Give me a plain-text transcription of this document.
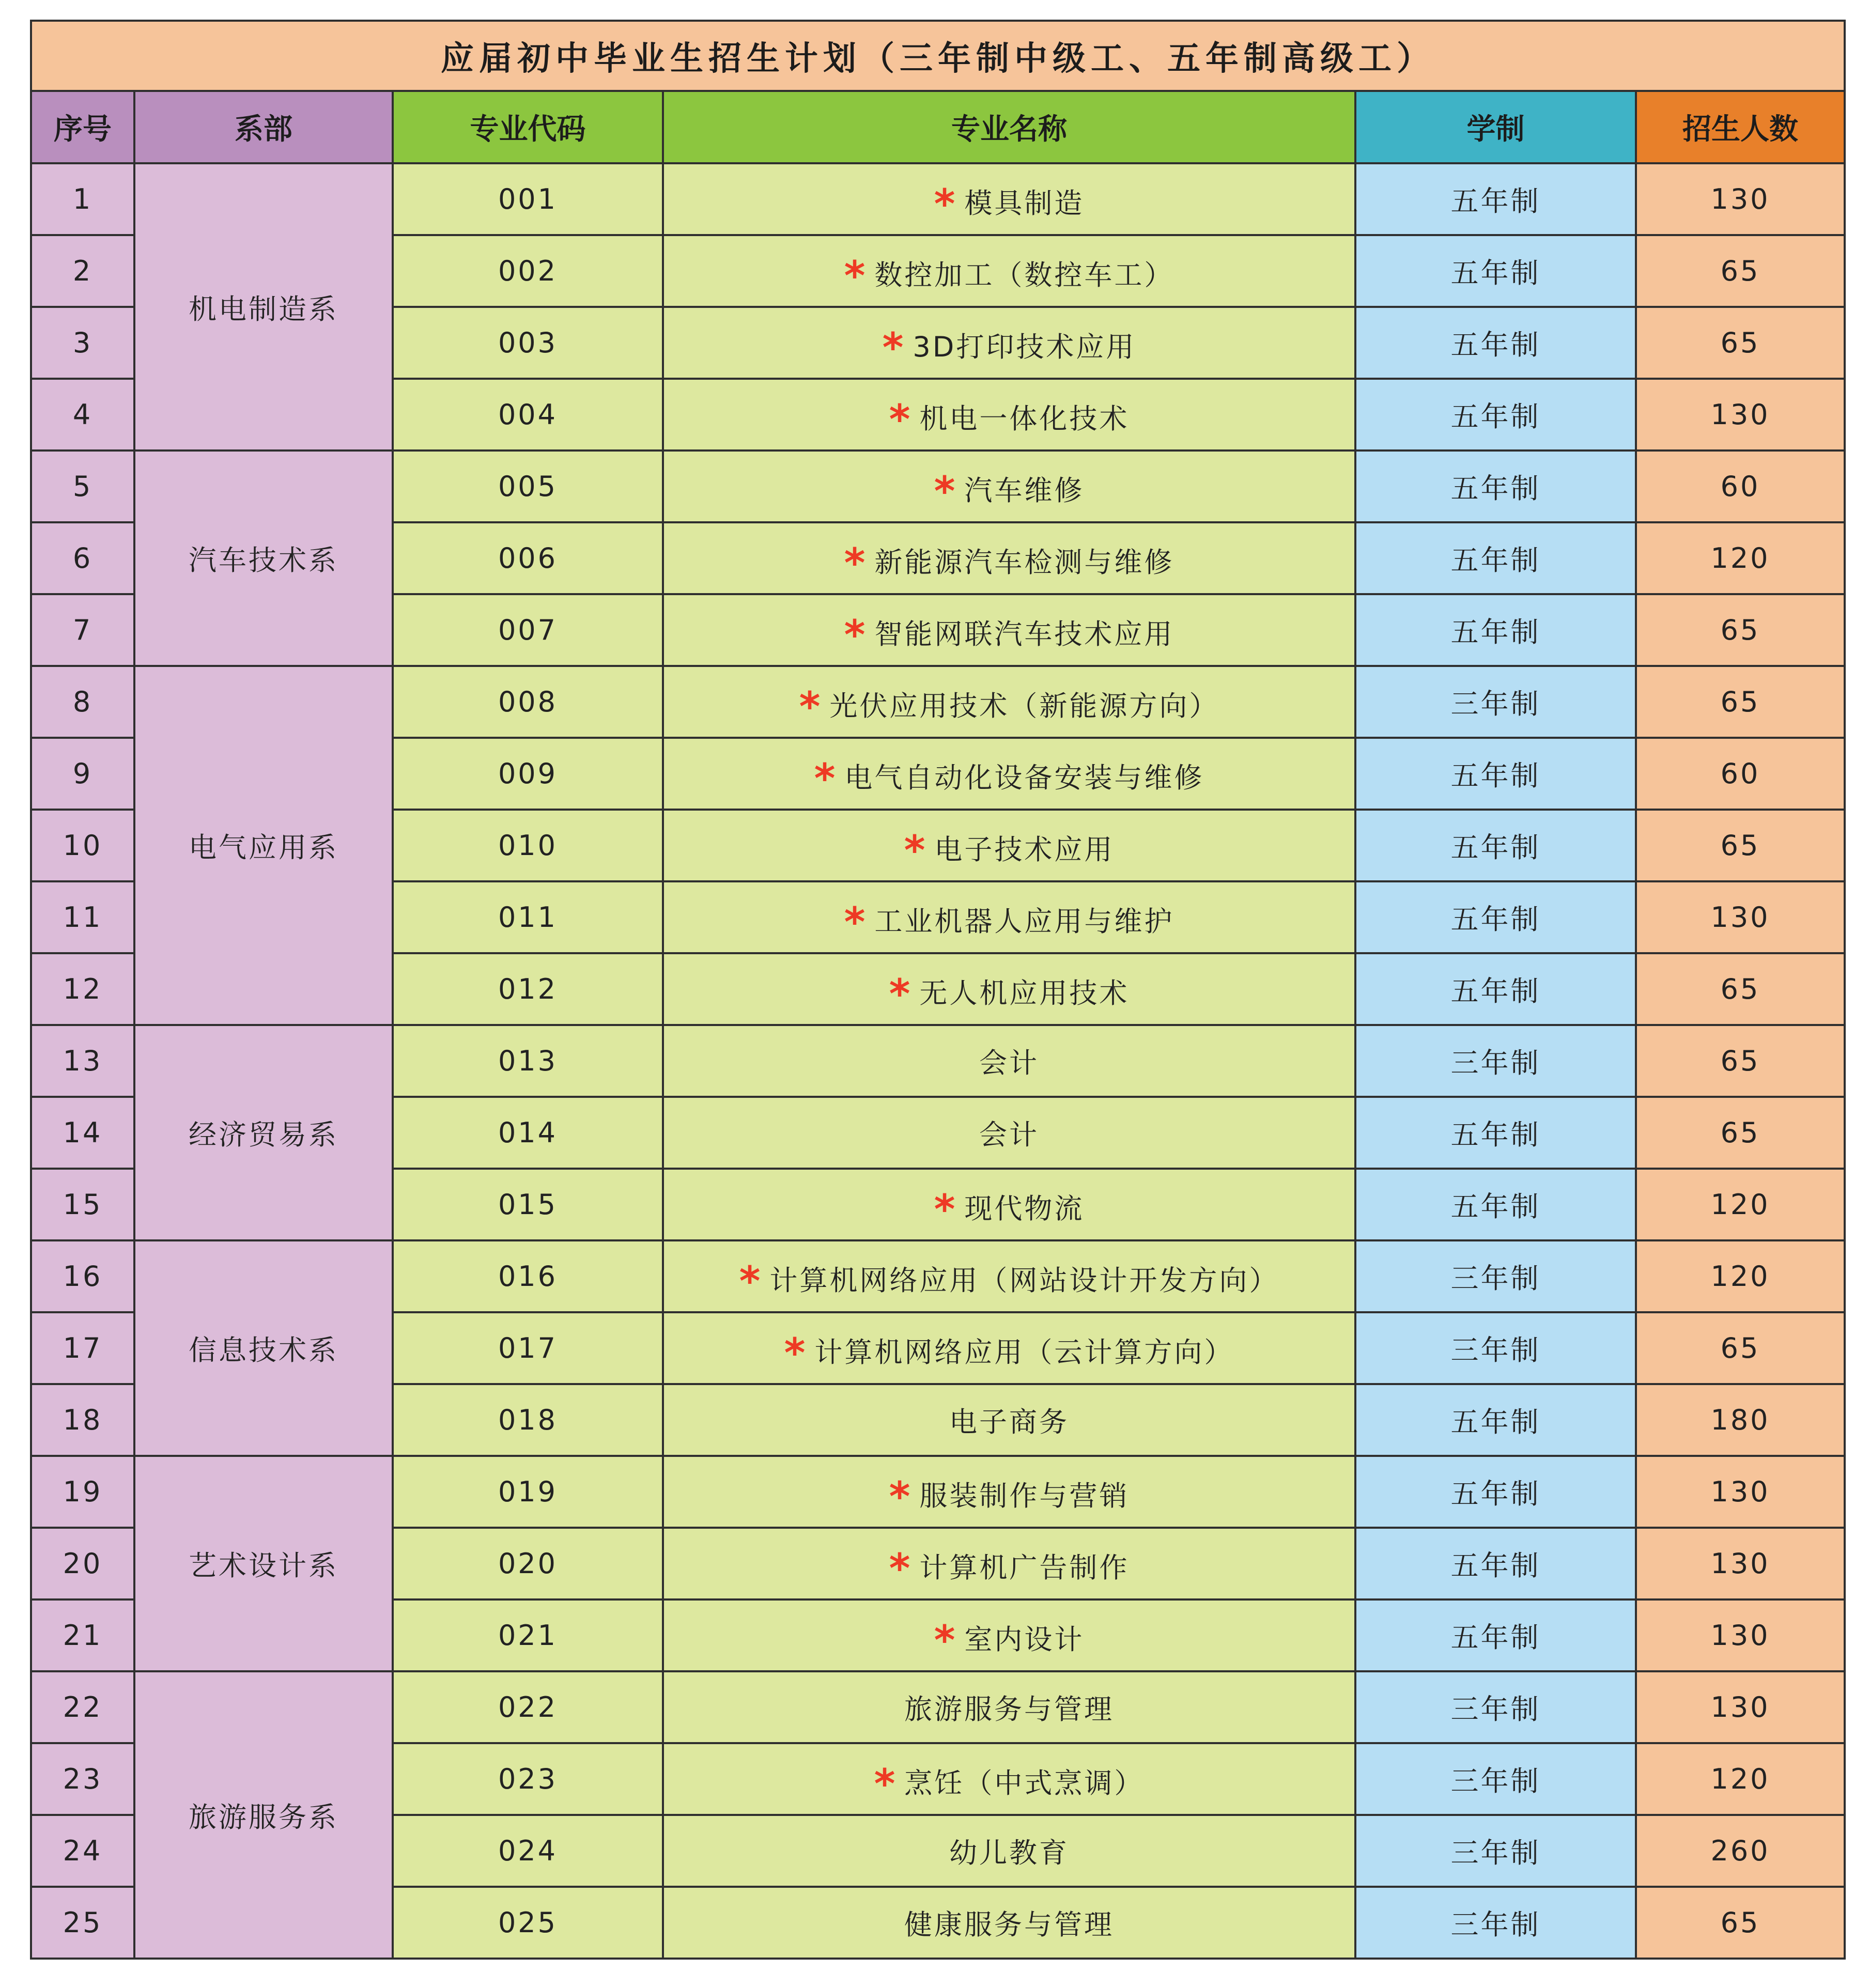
应届初中毕业生招生计划（三年制中级工、五年制高级工）					
序号	系部	专业代码	专业名称	学制	招生人数
1	机电制造系	001	* 模具制造	五年制	130
2		002	* 数控加工（数控车工）	五年制	65
3		003	* 3D打印技术应用	五年制	65
4		004	* 机电一体化技术	五年制	130
5	汽车技术系	005	* 汽车维修	五年制	60
6		006	* 新能源汽车检测与维修	五年制	120
7		007	* 智能网联汽车技术应用	五年制	65
8	电气应用系	008	* 光伏应用技术（新能源方向）	三年制	65
9		009	* 电气自动化设备安装与维修	五年制	60
10		010	* 电子技术应用	五年制	65
11		011	* 工业机器人应用与维护	五年制	130
12		012	* 无人机应用技术	五年制	65
13	经济贸易系	013	会计	三年制	65
14		014	会计	五年制	65
15		015	* 现代物流	五年制	120
16	信息技术系	016	* 计算机网络应用（网站设计开发方向）	三年制	120
17		017	* 计算机网络应用（云计算方向）	三年制	65
18		018	电子商务	五年制	180
19	艺术设计系	019	* 服装制作与营销	五年制	130
20		020	* 计算机广告制作	五年制	130
21		021	* 室内设计	五年制	130
22	旅游服务系	022	旅游服务与管理	三年制	130
23		023	* 烹饪（中式烹调）	三年制	120
24		024	幼儿教育	三年制	260
25		025	健康服务与管理	三年制	65
